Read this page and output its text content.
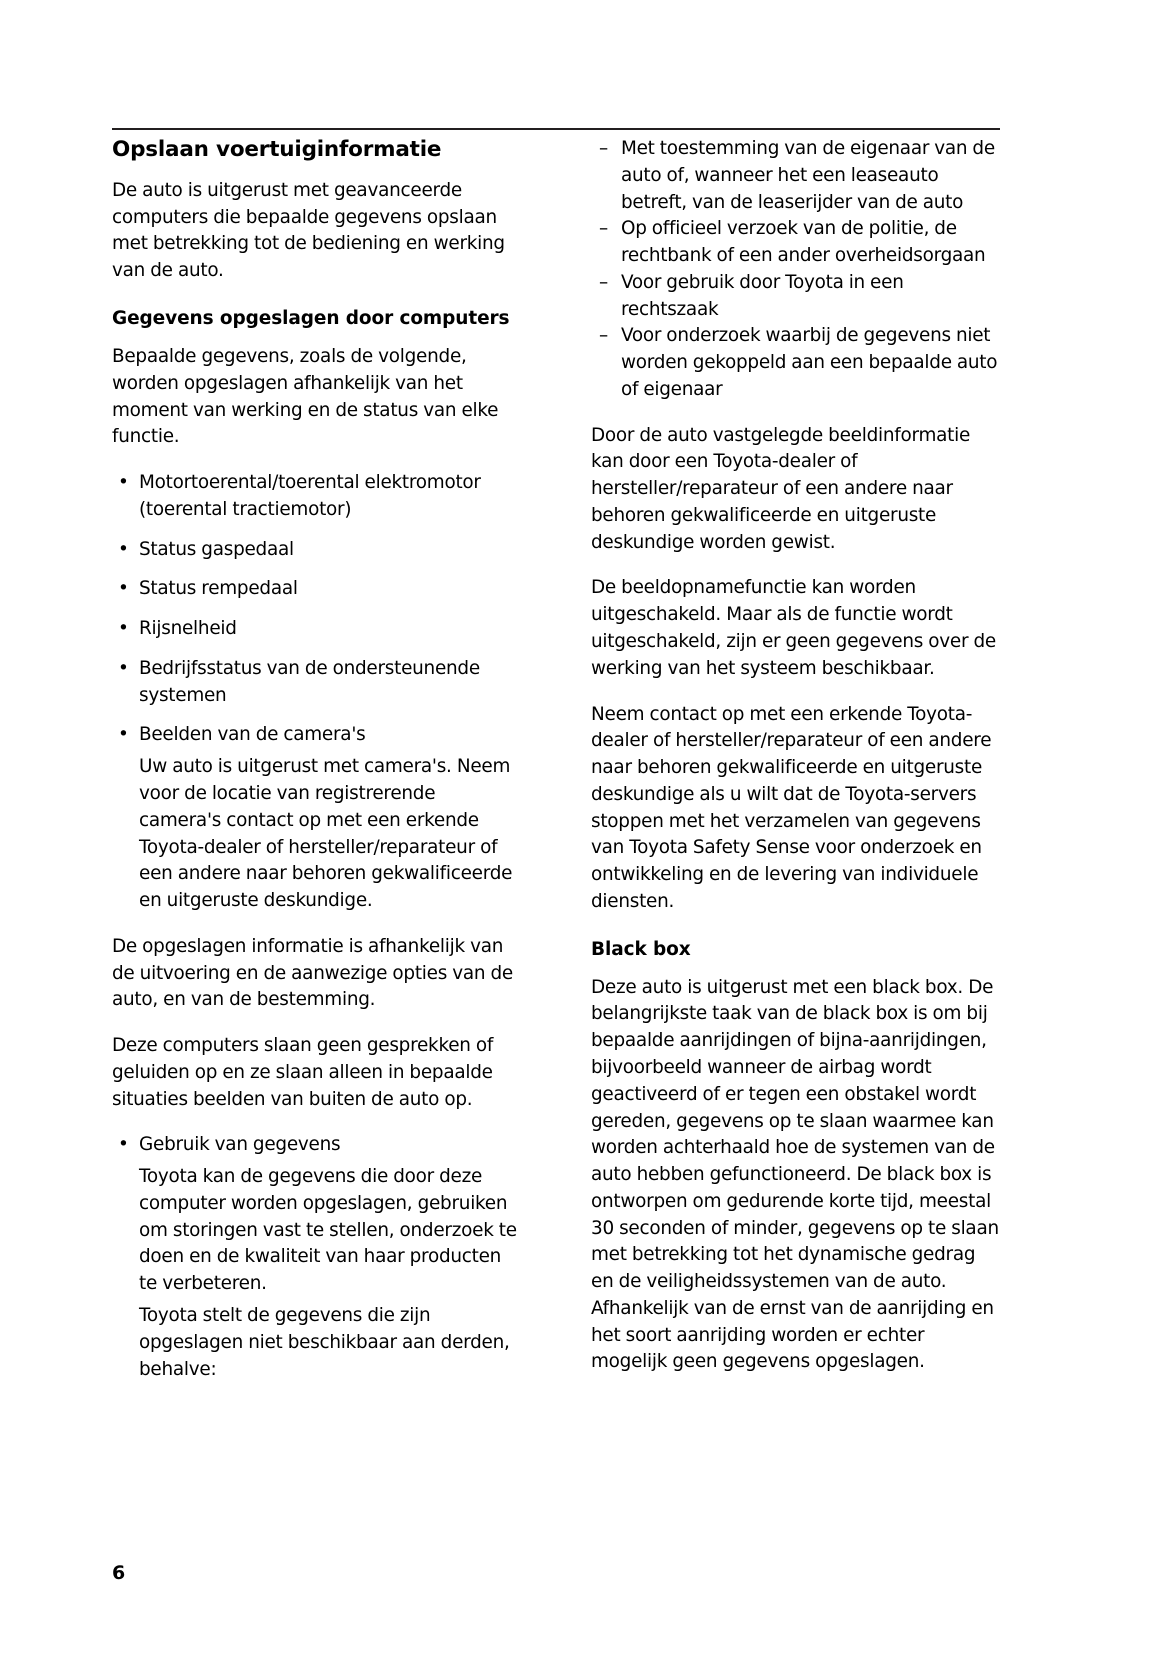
Opslaan voertuiginformatie

De auto is uitgerust met geavanceerde computers die bepaalde gegevens opslaan met betrekking tot de bediening en werking van de auto.

Gegevens opgeslagen door computers

Bepaalde gegevens, zoals de volgende, worden opgeslagen afhankelijk van het moment van werking en de status van elke functie.

• Motortoerental/toerental elektromotor (toerental tractiemotor)
• Status gaspedaal
• Status rempedaal
• Rijsnelheid
• Bedrijfsstatus van de ondersteunende systemen
• Beelden van de camera's
Uw auto is uitgerust met camera's. Neem voor de locatie van registrerende camera's contact op met een erkende Toyota-dealer of hersteller/reparateur of een andere naar behoren gekwalificeerde en uitgeruste deskundige.

De opgeslagen informatie is afhankelijk van de uitvoering en de aanwezige opties van de auto, en van de bestemming.

Deze computers slaan geen gesprekken of geluiden op en ze slaan alleen in bepaalde situaties beelden van buiten de auto op.

• Gebruik van gegevens
Toyota kan de gegevens die door deze computer worden opgeslagen, gebruiken om storingen vast te stellen, onderzoek te doen en de kwaliteit van haar producten te verbeteren.
Toyota stelt de gegevens die zijn opgeslagen niet beschikbaar aan derden, behalve:
– Met toestemming van de eigenaar van de auto of, wanneer het een leaseauto betreft, van de leaserijder van de auto
– Op officieel verzoek van de politie, de rechtbank of een ander overheidsorgaan
– Voor gebruik door Toyota in een rechtszaak
– Voor onderzoek waarbij de gegevens niet worden gekoppeld aan een bepaalde auto of eigenaar

Door de auto vastgelegde beeldinformatie kan door een Toyota-dealer of hersteller/reparateur of een andere naar behoren gekwalificeerde en uitgeruste deskundige worden gewist.

De beeldopnamefunctie kan worden uitgeschakeld. Maar als de functie wordt uitgeschakeld, zijn er geen gegevens over de werking van het systeem beschikbaar.

Neem contact op met een erkende Toyota-dealer of hersteller/reparateur of een andere naar behoren gekwalificeerde en uitgeruste deskundige als u wilt dat de Toyota-servers stoppen met het verzamelen van gegevens van Toyota Safety Sense voor onderzoek en ontwikkeling en de levering van individuele diensten.

Black box

Deze auto is uitgerust met een black box. De belangrijkste taak van de black box is om bij bepaalde aanrijdingen of bijna-aanrijdingen, bijvoorbeeld wanneer de airbag wordt geactiveerd of er tegen een obstakel wordt gereden, gegevens op te slaan waarmee kan worden achterhaald hoe de systemen van de auto hebben gefunctioneerd. De black box is ontworpen om gedurende korte tijd, meestal 30 seconden of minder, gegevens op te slaan met betrekking tot het dynamische gedrag en de veiligheidssystemen van de auto. Afhankelijk van de ernst van de aanrijding en het soort aanrijding worden er echter mogelijk geen gegevens opgeslagen.

6
